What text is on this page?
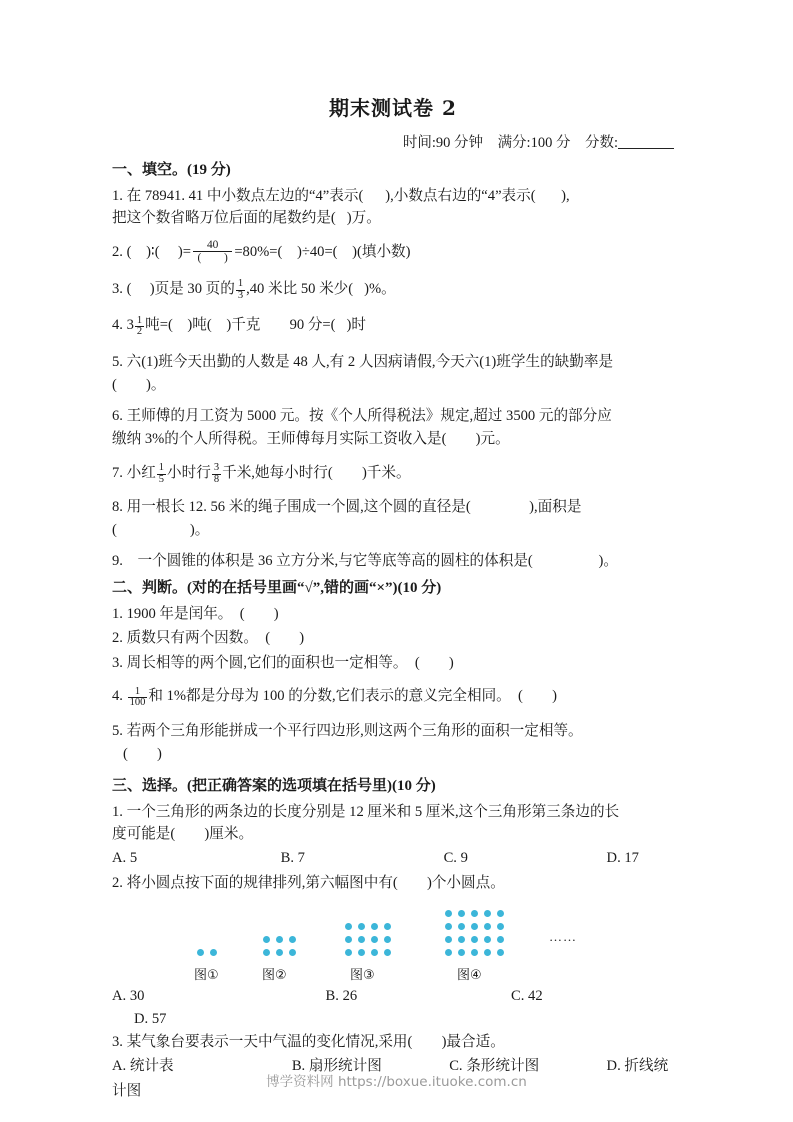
期末测试卷 2
时间:90 分钟 满分:100 分 分数:
一、填空。(19 分)
1. 在 78941. 41 中小数点左边的“4”表示( ),小数点右边的“4”表示( ),
把这个数省略万位后面的尾数约是( )万。
2. ( )∶( )= $\frac{40}{( )} =80\%=$( )÷40=( )(填小数)
3. ( )页是 30 页的 $\frac{1}{3} ,40$ 米比 50 米少( )%。
4. $3 \frac{1}{2}$ 吨=( )吨( )千克　　90 分=( )时
5. 六(1)班今天出勤的人数是 48 人,有 2 人因病请假,今天六(1)班学生的缺勤率是
(　　)。
6. 王师傅的月工资为 5000 元。按《个人所得税法》规定,超过 3500 元的部分应
缴纳 3%的个人所得税。王师傅每月实际工资收入是(　　)元。
7. 小红 $\frac{1}{5}$ 小时行 $\frac{3}{8}$ 千米,她每小时行(　　)千米。
8. 用一根长 12. 56 米的绳子围成一个圆,这个圆的直径是(　　　　),面积是
(　　　　　)。
9.　一个圆锥的体积是 36 立方分米,与它等底等高的圆柱的体积是(	)。
二、判断。(对的在括号里画“√”,错的画“×”)(10 分)
1. 1900 年是闰年。　(　　)
2. 质数只有两个因数。　(　　)
3. 周长相等的两个圆,它们的面积也一定相等。　(　　)
4. $\frac{1}{100}$ 和 1%都是分母为 100 的分数,它们表示的意义完全相同。　(　　)
5. 若两个三角形能拼成一个平行四边形,则这两个三角形的面积一定相等。
(　　)
三、选择。(把正确答案的选项填在括号里)(10 分)
1. 一个三角形的两条边的长度分别是 12 厘米和 5 厘米,这个三角形第三条边的长
度可能是(　　)厘米。
A. 5	B. 7	C. 9	D. 17
2. 将小圆点按下面的规律排列,第六幅图中有(　　)个小圆点。
图①	图②	图③	图④
……
A. 30	B. 26	C. 42
D. 57
3. 某气象台要表示一天中气温的变化情况,采用(　　)最合适。
A. 统计表	B. 扇形统计图	C. 条形统计图	D. 折线统
计图
博学资料网 https://boxue.ituoke.com.cn
